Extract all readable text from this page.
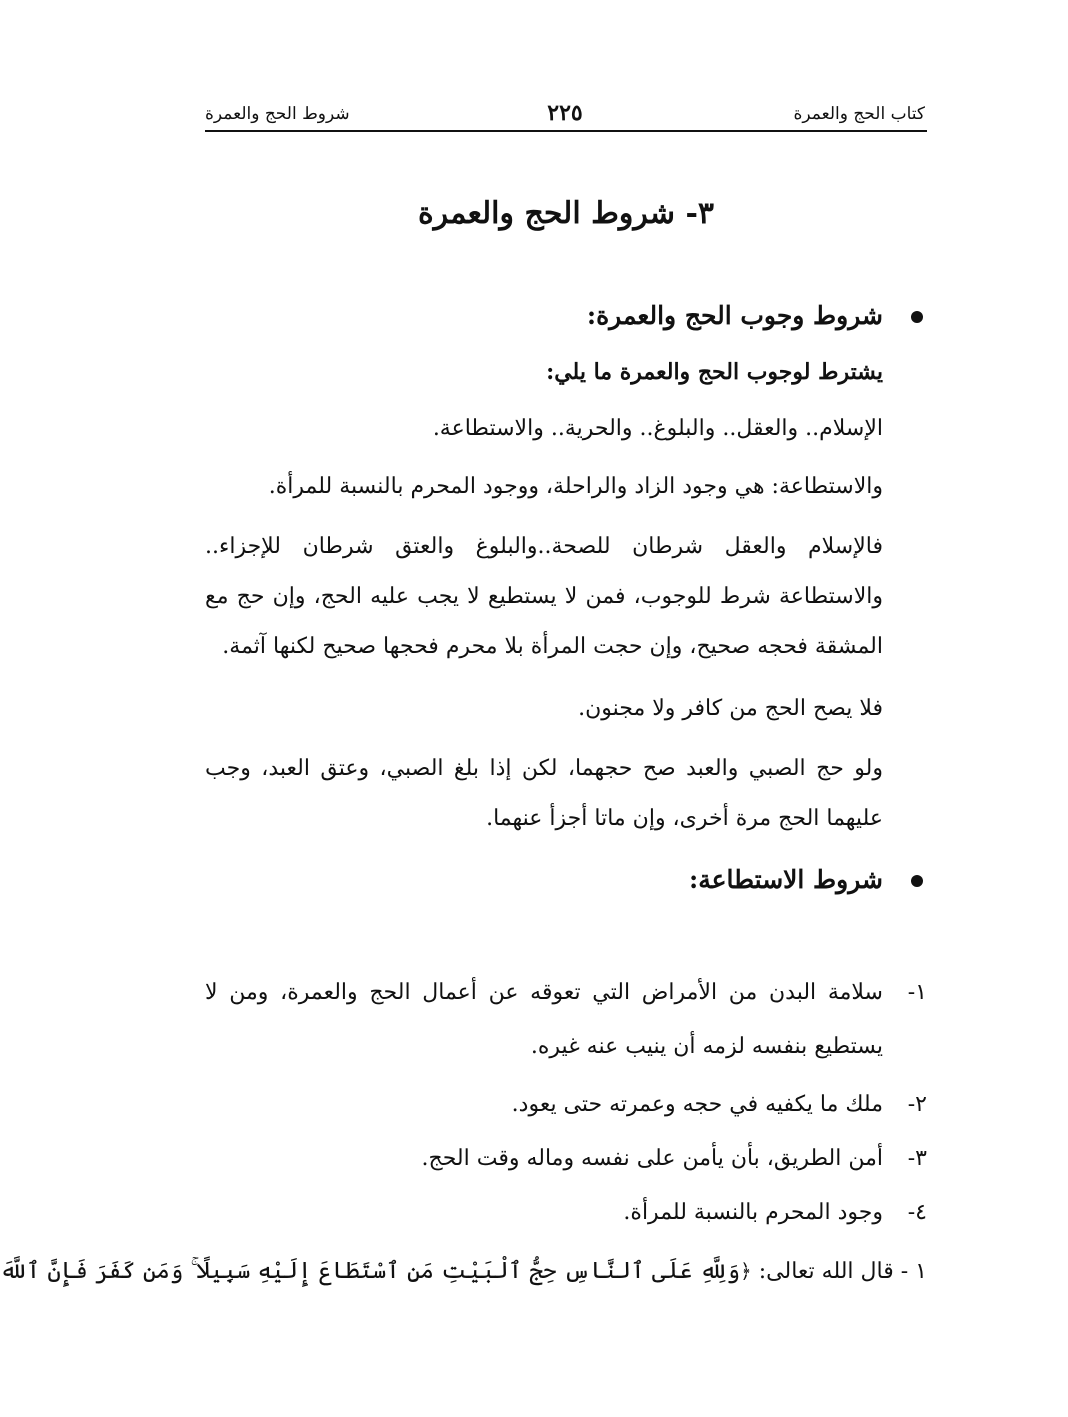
كتاب الحج والعمرة
٢٢٥
شروط الحج والعمرة
٣- شروط الحج والعمرة
شروط وجوب الحج والعمرة:
يشترط لوجوب الحج والعمرة ما يلي:
الإسلام.. والعقل.. والبلوغ.. والحرية.. والاستطاعة.
والاستطاعة: هي وجود الزاد والراحلة، ووجود المحرم بالنسبة للمرأة.
فالإسلام والعقل شرطان للصحة..والبلوغ والعتق شرطان للإجزاء.. والاستطاعة شرط للوجوب، فمن لا يستطيع لا يجب عليه الحج، وإن حج مع المشقة فحجه صحيح، وإن حجت المرأة بلا محرم فحجها صحيح لكنها آثمة.
فلا يصح الحج من كافر ولا مجنون.
ولو حج الصبي والعبد صح حجهما، لكن إذا بلغ الصبي، وعتق العبد، وجب عليهما الحج مرة أخرى، وإن ماتا أجزأ عنهما.
شروط الاستطاعة:
١-
سلامة البدن من الأمراض التي تعوقه عن أعمال الحج والعمرة، ومن لا يستطيع بنفسه لزمه أن ينيب عنه غيره.
٢-
ملك ما يكفيه في حجه وعمرته حتى يعود.
٣-
أمن الطريق، بأن يأمن على نفسه وماله وقت الحج.
٤-
وجود المحرم بالنسبة للمرأة.
١ - قال الله تعالى: ﴿وَلِلَّهِ عَلَى ٱلنَّاسِ حِجُّ ٱلْبَيْتِ مَنِ ٱسْتَطَاعَ إِلَيْهِ سَبِيلًا ۚ وَمَن كَفَرَ فَإِنَّ ٱللَّهَ
